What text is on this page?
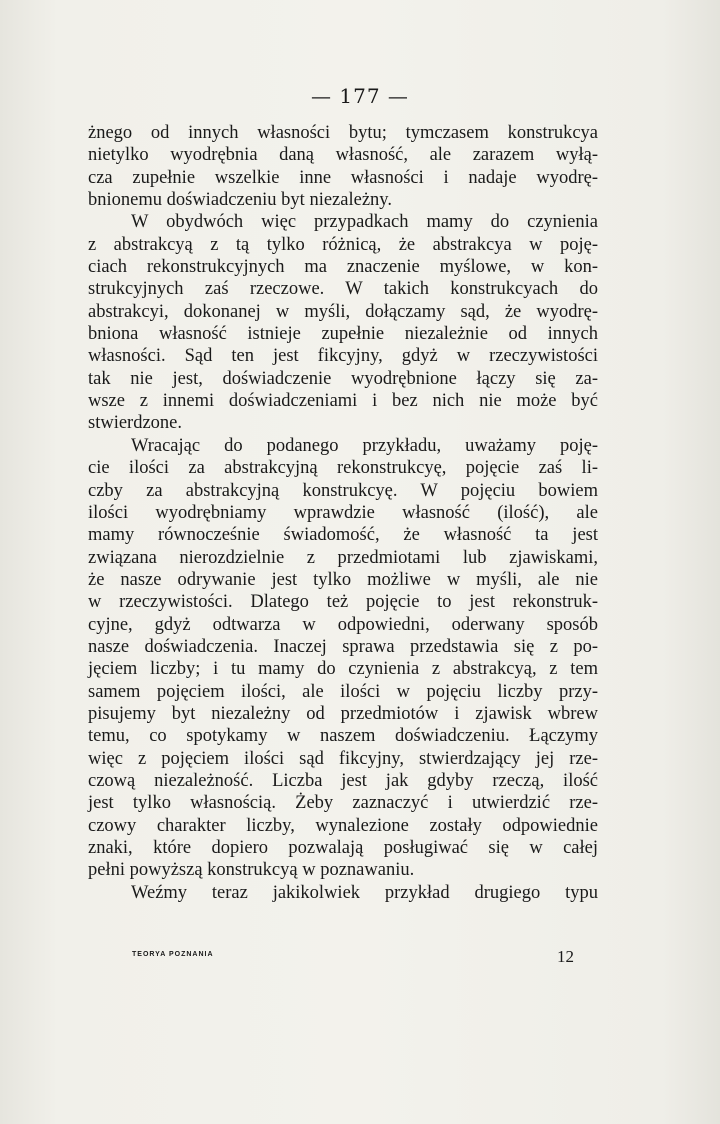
— 177 —
żnego od innych własności bytu; tymczasem konstrukcya
nietylko wyodrębnia daną własność, ale zarazem wyłą-
cza zupełnie wszelkie inne własności i nadaje wyodrę-
bnionemu doświadczeniu byt niezależny.
W obydwóch więc przypadkach mamy do czynienia
z abstrakcyą z tą tylko różnicą, że abstrakcya w poję-
ciach rekonstrukcyjnych ma znaczenie myślowe, w kon-
strukcyjnych zaś rzeczowe. W takich konstrukcyach do
abstrakcyi, dokonanej w myśli, dołączamy sąd, że wyodrę-
bniona własność istnieje zupełnie niezależnie od innych
własności. Sąd ten jest fikcyjny, gdyż w rzeczywistości
tak nie jest, doświadczenie wyodrębnione łączy się za-
wsze z innemi doświadczeniami i bez nich nie może być
stwierdzone.
Wracając do podanego przykładu, uważamy poję-
cie ilości za abstrakcyjną rekonstrukcyę, pojęcie zaś li-
czby za abstrakcyjną konstrukcyę. W pojęciu bowiem
ilości wyodrębniamy wprawdzie własność (ilość), ale
mamy równocześnie świadomość, że własność ta jest
związana nierozdzielnie z przedmiotami lub zjawiskami,
że nasze odrywanie jest tylko możliwe w myśli, ale nie
w rzeczywistości. Dlatego też pojęcie to jest rekonstruk-
cyjne, gdyż odtwarza w odpowiedni, oderwany sposób
nasze doświadczenia. Inaczej sprawa przedstawia się z po-
jęciem liczby; i tu mamy do czynienia z abstrakcyą, z tem
samem pojęciem ilości, ale ilości w pojęciu liczby przy-
pisujemy byt niezależny od przedmiotów i zjawisk wbrew
temu, co spotykamy w naszem doświadczeniu. Łączymy
więc z pojęciem ilości sąd fikcyjny, stwierdzający jej rze-
czową niezależność. Liczba jest jak gdyby rzeczą, ilość
jest tylko własnością. Żeby zaznaczyć i utwierdzić rze-
czowy charakter liczby, wynalezione zostały odpowiednie
znaki, które dopiero pozwalają posługiwać się w całej
pełni powyższą konstrukcyą w poznawaniu.
Weźmy teraz jakikolwiek przykład drugiego typu
TEORYA POZNANIA	12
